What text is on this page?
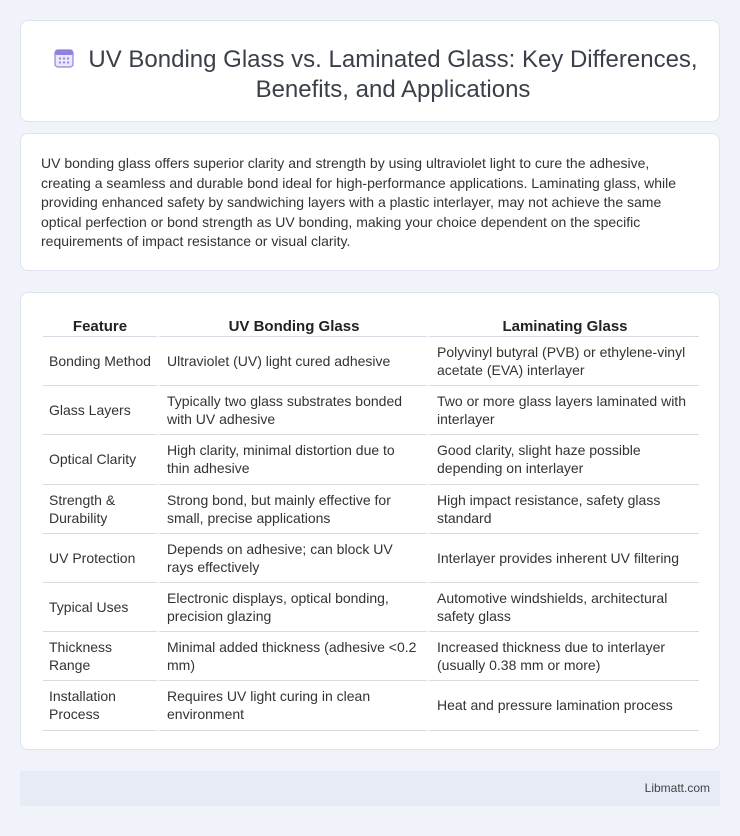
UV Bonding Glass vs. Laminated Glass: Key Differences, Benefits, and Applications

UV bonding glass offers superior clarity and strength by using ultraviolet light to cure the adhesive, creating a seamless and durable bond ideal for high-performance applications. Laminating glass, while providing enhanced safety by sandwiching layers with a plastic interlayer, may not achieve the same optical perfection or bond strength as UV bonding, making your choice dependent on the specific requirements of impact resistance or visual clarity.

Feature	UV Bonding Glass	Laminating Glass
Bonding Method	Ultraviolet (UV) light cured adhesive	Polyvinyl butyral (PVB) or ethylene-vinyl acetate (EVA) interlayer
Glass Layers	Typically two glass substrates bonded with UV adhesive	Two or more glass layers laminated with interlayer
Optical Clarity	High clarity, minimal distortion due to thin adhesive	Good clarity, slight haze possible depending on interlayer
Strength & Durability	Strong bond, but mainly effective for small, precise applications	High impact resistance, safety glass standard
UV Protection	Depends on adhesive; can block UV rays effectively	Interlayer provides inherent UV filtering
Typical Uses	Electronic displays, optical bonding, precision glazing	Automotive windshields, architectural safety glass
Thickness Range	Minimal added thickness (adhesive <0.2 mm)	Increased thickness due to interlayer (usually 0.38 mm or more)
Installation Process	Requires UV light curing in clean environment	Heat and pressure lamination process
Libmatt.com
